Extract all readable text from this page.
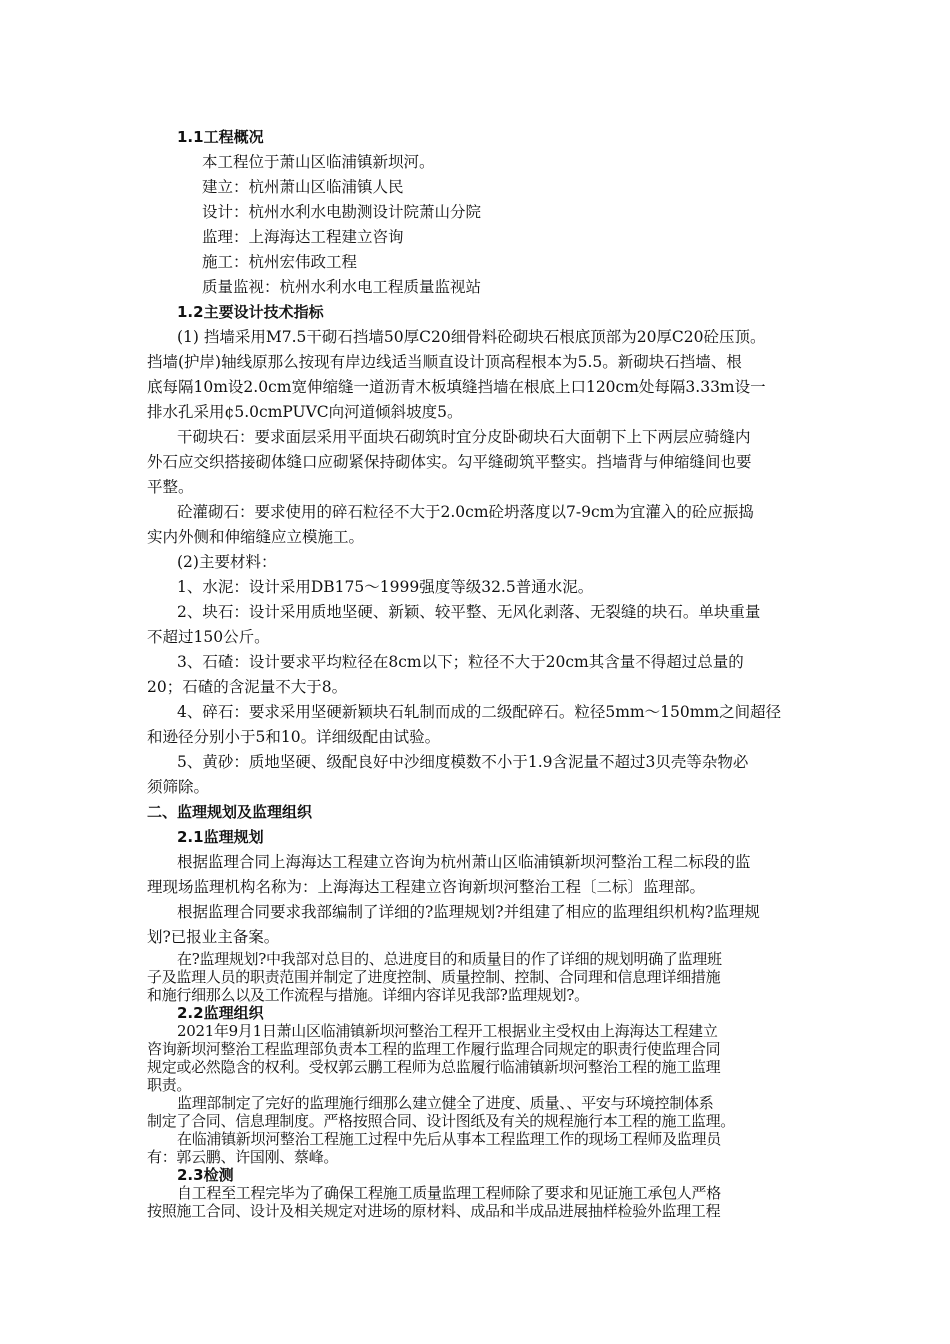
1.1工程概况
本工程位于萧山区临浦镇新坝河。
建立：杭州萧山区临浦镇人民
设计：杭州水利水电勘测设计院萧山分院
监理：上海海达工程建立咨询
施工：杭州宏伟政工程
质量监视：杭州水利水电工程质量监视站
1.2主要设计技术指标
(1) 挡墙采用M7.5干砌石挡墙50厚C20细骨料砼砌块石根底顶部为20厚C20砼压顶。
挡墙(护岸)轴线原那么按现有岸边线适当顺直设计顶高程根本为5.5。新砌块石挡墙、根
底每隔10m设2.0cm宽伸缩缝一道沥青木板填缝挡墙在根底上口120cm处每隔3.33m设一
排水孔采用¢5.0cmPUVC向河道倾斜坡度5。
干砌块石：要求面层采用平面块石砌筑时宜分皮卧砌块石大面朝下上下两层应骑缝内
外石应交织搭接砌体缝口应砌紧保持砌体实。勾平缝砌筑平整实。挡墙背与伸缩缝间也要
平整。
砼灌砌石：要求使用的碎石粒径不大于2.0cm砼坍落度以7-9cm为宜灌入的砼应振捣
实内外侧和伸缩缝应立模施工。
(2)主要材料：
1、水泥：设计采用DB175～1999强度等级32.5普通水泥。
2、块石：设计采用质地坚硬、新颖、较平整、无风化剥落、无裂缝的块石。单块重量
不超过150公斤。
3、石碴：设计要求平均粒径在8cm以下；粒径不大于20cm其含量不得超过总量的
20；石碴的含泥量不大于8。
4、碎石：要求采用坚硬新颖块石轧制而成的二级配碎石。粒径5mm～150mm之间超径
和逊径分别小于5和10。详细级配由试验。
5、黄砂：质地坚硬、级配良好中沙细度模数不小于1.9含泥量不超过3贝壳等杂物必
须筛除。
二、监理规划及监理组织
2.1监理规划
根据监理合同上海海达工程建立咨询为杭州萧山区临浦镇新坝河整治工程二标段的监
理现场监理机构名称为：上海海达工程建立咨询新坝河整治工程〔二标〕监理部。
根据监理合同要求我部编制了详细的?监理规划?并组建了相应的监理组织机构?监理规
划?已报业主备案。
在?监理规划?中我部对总目的、总进度目的和质量目的作了详细的规划明确了监理班
子及监理人员的职责范围并制定了进度控制、质量控制、控制、合同理和信息理详细措施
和施行细那么以及工作流程与措施。详细内容详见我部?监理规划?。
2.2监理组织
2021年9月1日萧山区临浦镇新坝河整治工程开工根据业主受权由上海海达工程建立
咨询新坝河整治工程监理部负责本工程的监理工作履行监理合同规定的职责行使监理合同
规定或必然隐含的权利。受权郭云鹏工程师为总监履行临浦镇新坝河整治工程的施工监理
职责。
监理部制定了完好的监理施行细那么建立健全了进度、质量、、平安与环境控制体系
制定了合同、信息理制度。严格按照合同、设计图纸及有关的规程施行本工程的施工监理。
在临浦镇新坝河整治工程施工过程中先后从事本工程监理工作的现场工程师及监理员
有：郭云鹏、许国刚、蔡峰。
2.3检测
自工程至工程完毕为了确保工程施工质量监理工程师除了要求和见证施工承包人严格
按照施工合同、设计及相关规定对进场的原材料、成品和半成品进展抽样检验外监理工程
